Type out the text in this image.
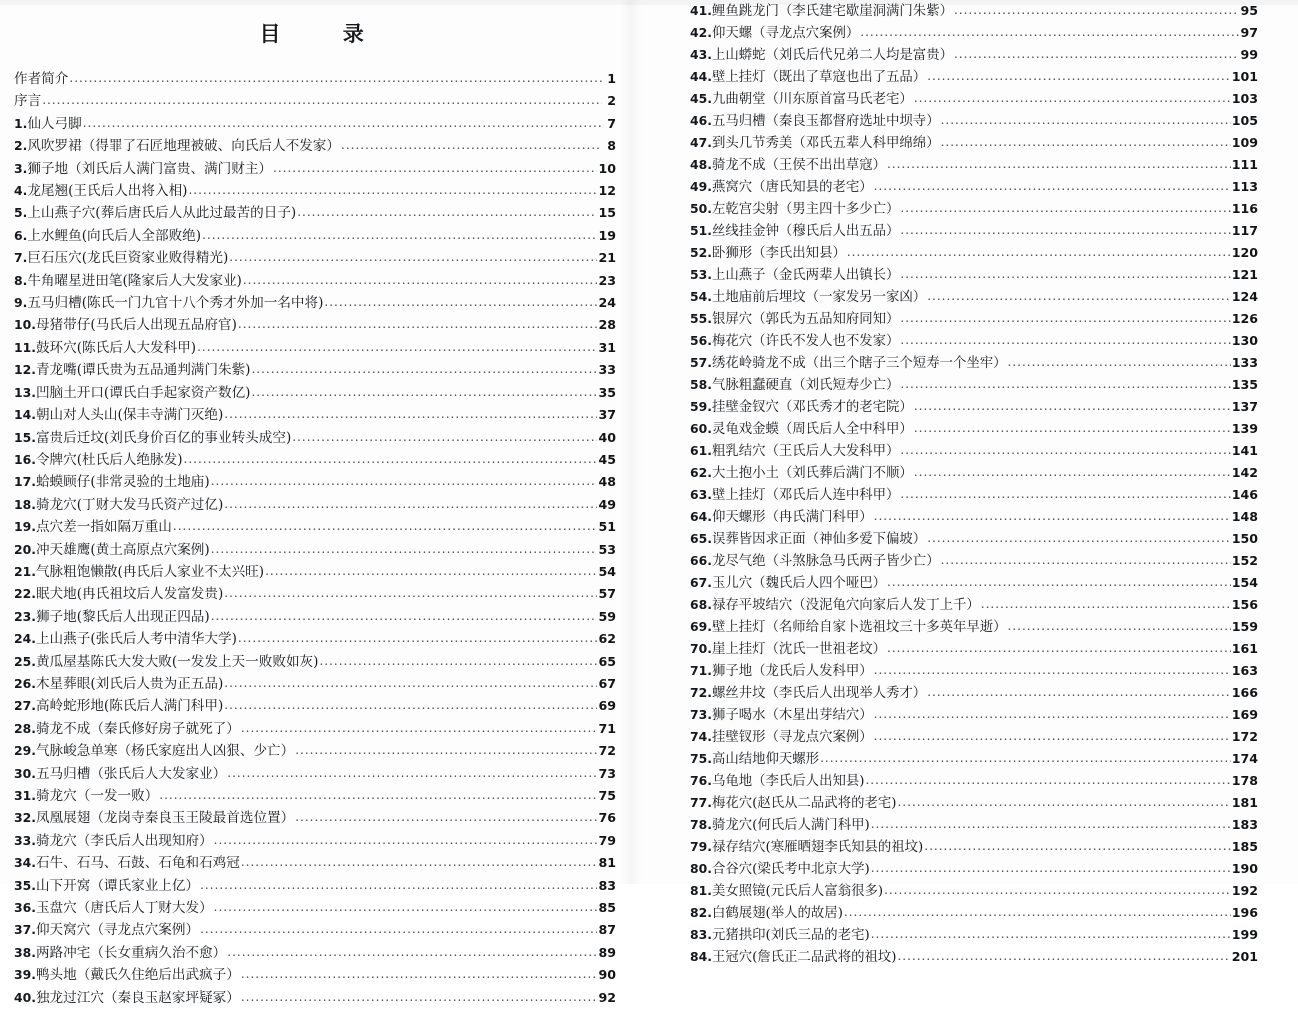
目　　录
作者简介 .....	1
序言 .....	2
1.仙人弓脚 .....	7
2.风吹罗裙（得罪了石匠地理被破、向氏后人不发家） .....	8
3.狮子地（刘氏后人满门富贵、满门财主） .....	10
4.龙尾翘(王氏后人出将入相) .....	12
5.上山燕子穴(葬后唐氏后人从此过最苦的日子) .....	15
6.上水鲤鱼(向氏后人全部败绝) .....	19
7.巨石压穴(龙氏巨资家业败得精光) .....	21
8.牛角曜星进田笔(隆家后人大发家业) .....	23
9.五马归槽(陈氏一门九官十八个秀才外加一名中将) .....	24
10.母猪带仔(马氏后人出现五品府官) .....	28
11.鼓环穴(陈氏后人大发科甲) .....	31
12.青龙嘴(谭氏贵为五品通判满门朱紫) .....	33
13.凹脑土开口(谭氏白手起家资产数亿) .....	35
14.朝山对人头山(保丰寺满门灭绝) .....	37
15.富贵后迁坟(刘氏身价百亿的事业转头成空) .....	40
16.令牌穴(杜氏后人绝脉发) .....	45
17.蛤蟆顾仔(非常灵验的土地庙) .....	48
18.骑龙穴(丁财大发马氏资产过亿) .....	49
19.点穴差一指如隔万重山 .....	51
20.冲天雄鹰(黄土高原点穴案例) .....	53
21.气脉粗饱懒散(冉氏后人家业不太兴旺) .....	54
22.眠犬地(冉氏祖坟后人发富发贵) .....	57
23.狮子地(黎氏后人出现正四品) .....	59
24.上山燕子(张氏后人考中清华大学) .....	62
25.黄瓜屋基陈氏大发大败(一发发上天一败败如灰) .....	65
26.木星葬眼(刘氏后人贵为正五品) .....	67
27.高岭蛇形地(陈氏后人满门科甲) .....	69
28.骑龙不成（秦氏修好房子就死了） .....	71
29.气脉峻急单寒（杨氏家庭出人凶狠、少亡） .....	72
30.五马归槽（张氏后人大发家业） .....	73
31.骑龙穴（一发一败） .....	75
32.凤凰展翅（龙岗寺秦良玉王陵最首选位置） .....	76
33.骑龙穴（李氏后人出现知府） .....	79
34.石牛、石马、石鼓、石龟和石鸡冠 .....	81
35.山下开窝（谭氏家业上亿） .....	83
36.玉盘穴（唐氏后人丁财大发） .....	85
37.仰天窝穴（寻龙点穴案例） .....	87
38.两路冲宅（长女重病久治不愈） .....	89
39.鸭头地（戴氏久住绝后出武疯子） .....	90
40.独龙过江穴（秦良玉赵家坪疑冢） .....	92
41.鲤鱼跳龙门（李氏建宅歇崖洞满门朱紫） .....	95
42.仰天螺（寻龙点穴案例） .....	97
43.上山蟒蛇（刘氏后代兄弟二人均是富贵） .....	99
44.壁上挂灯（既出了草寇也出了五品） .....	101
45.九曲朝堂（川东原首富马氏老宅） .....	103
46.五马归槽（秦良玉都督府选址中坝寺） .....	105
47.到头几节秀美（邓氏五辈人科甲绵绵） .....	109
48.骑龙不成（王侯不出出草寇） .....	111
49.燕窝穴（唐氏知县的老宅） .....	113
50.左乾宫尖射（男主四十多少亡） .....	116
51.丝线挂金钟（穆氏后人出五品） .....	117
52.卧狮形（李氏出知县） .....	120
53.上山燕子（金氏两辈人出镇长） .....	121
54.土地庙前后埋坟（一家发另一家凶） .....	124
55.银屏穴（郭氏为五品知府同知） .....	126
56.梅花穴（许氏不发人也不发家） .....	130
57.绣花岭骑龙不成（出三个瞎子三个短寿一个坐牢） .....	133
58.气脉粗蠢硬直（刘氏短寿少亡） .....	135
59.挂壁金钗穴（邓氏秀才的老宅院） .....	137
60.灵龟戏金蟆（周氏后人全中科甲） .....	139
61.粗乳结穴（王氏后人大发科甲） .....	141
62.大土抱小土（刘氏葬后满门不顺） .....	142
63.壁上挂灯（邓氏后人连中科甲） .....	146
64.仰天螺形（冉氏满门科甲） .....	148
65.误葬皆因求正面（神仙多爱下偏坡） .....	150
66.龙尽气绝（斗煞脉急马氏两子皆少亡） .....	152
67.玉儿穴（魏氏后人四个哑巴） .....	154
68.禄存平坡结穴（没泥龟穴向家后人发丁上千） .....	156
69.壁上挂灯（名师给自家卜选祖坟三十多英年早逝） .....	159
70.崖上挂灯（沈氏一世祖老坟） .....	161
71.狮子地（龙氏后人发科甲） .....	163
72.螺丝井坟（李氏后人出现举人秀才） .....	166
73.狮子喝水（木星出芽结穴） .....	169
74.挂壁钗形（寻龙点穴案例） .....	172
75.高山结地仰天螺形 .....	174
76.乌龟地（李氏后人出知县) .....	178
77.梅花穴(赵氏从二品武将的老宅) .....	181
78.骑龙穴(何氏后人满门科甲) .....	183
79.禄存结穴(寒雁晒翅李氏知县的祖坟) .....	185
80.合谷穴(梁氏考中北京大学) .....	190
81.美女照镜(元氏后人富翁很多) .....	192
82.白鹤展翅(举人的故居) .....	196
83.元猪拱印(刘氏三品的老宅) .....	199
84.王冠穴(詹氏正二品武将的祖坟) .....	201
